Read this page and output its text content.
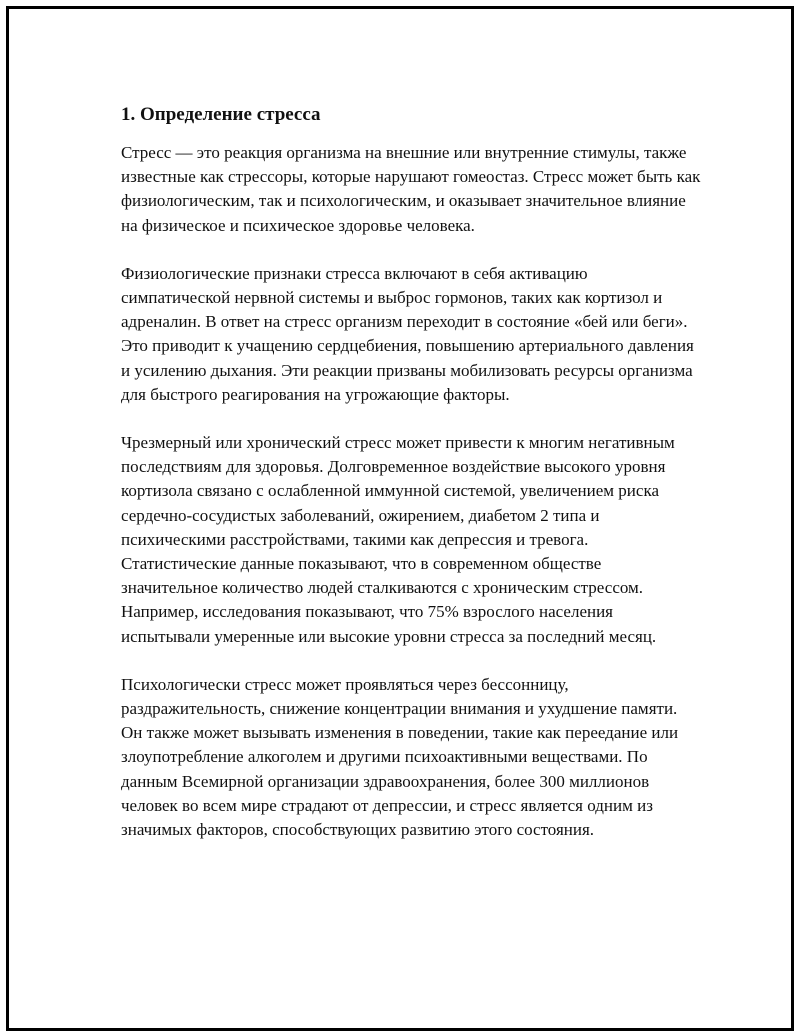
1. Определение стресса

Стресс — это реакция организма на внешние или внутренние стимулы, также известные как стрессоры, которые нарушают гомеостаз. Стресс может быть как физиологическим, так и психологическим, и оказывает значительное влияние на физическое и психическое здоровье человека.

Физиологические признаки стресса включают в себя активацию симпатической нервной системы и выброс гормонов, таких как кортизол и адреналин. В ответ на стресс организм переходит в состояние «бей или беги». Это приводит к учащению сердцебиения, повышению артериального давления и усилению дыхания. Эти реакции призваны мобилизовать ресурсы организма для быстрого реагирования на угрожающие факторы.

Чрезмерный или хронический стресс может привести к многим негативным последствиям для здоровья. Долговременное воздействие высокого уровня кортизола связано с ослабленной иммунной системой, увеличением риска сердечно-сосудистых заболеваний, ожирением, диабетом 2 типа и психическими расстройствами, такими как депрессия и тревога. Статистические данные показывают, что в современном обществе значительное количество людей сталкиваются с хроническим стрессом. Например, исследования показывают, что 75% взрослого населения испытывали умеренные или высокие уровни стресса за последний месяц.

Психологически стресс может проявляться через бессонницу, раздражительность, снижение концентрации внимания и ухудшение памяти. Он также может вызывать изменения в поведении, такие как переедание или злоупотребление алкоголем и другими психоактивными веществами. По данным Всемирной организации здравоохранения, более 300 миллионов человек во всем мире страдают от депрессии, и стресс является одним из значимых факторов, способствующих развитию этого состояния.
